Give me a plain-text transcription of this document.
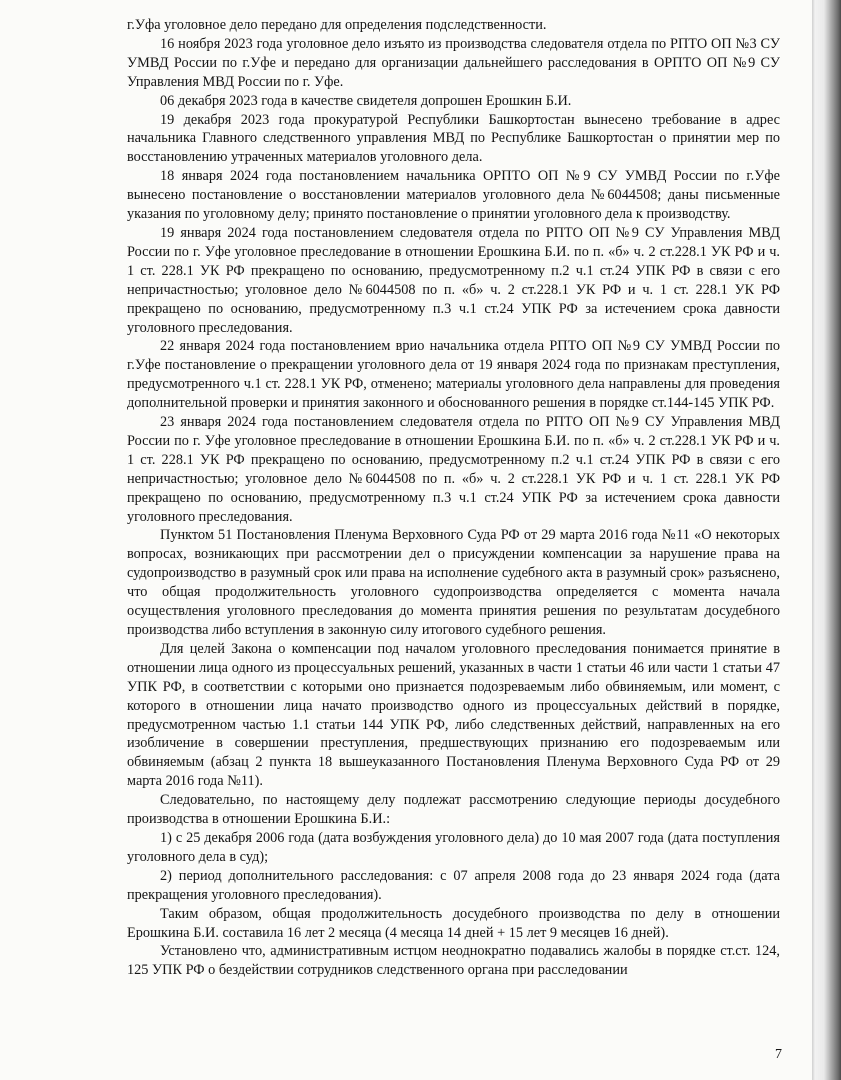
г.Уфа уголовное дело передано для определения подследственности.

16 ноября 2023 года уголовное дело изъято из производства следователя отдела по РПТО ОП №3 СУ УМВД России по г.Уфе и передано для организации дальнейшего расследования в ОРПТО ОП №9 СУ Управления МВД России по г. Уфе.

06 декабря 2023 года в качестве свидетеля допрошен Ерошкин Б.И.

19 декабря 2023 года прокуратурой Республики Башкортостан вынесено требование в адрес начальника Главного следственного управления МВД по Республике Башкортостан о принятии мер по восстановлению утраченных материалов уголовного дела.

18 января 2024 года постановлением начальника ОРПТО ОП №9 СУ УМВД России по г.Уфе вынесено постановление о восстановлении материалов уголовного дела №6044508; даны письменные указания по уголовному делу; принято постановление о принятии уголовного дела к производству.

19 января 2024 года постановлением следователя отдела по РПТО ОП №9 СУ Управления МВД России по г. Уфе уголовное преследование в отношении Ерошкина Б.И. по п. «б» ч. 2 ст.228.1 УК РФ и ч. 1 ст. 228.1 УК РФ прекращено по основанию, предусмотренному п.2 ч.1 ст.24 УПК РФ в связи с его непричастностью; уголовное дело №6044508 по п. «б» ч. 2 ст.228.1 УК РФ и ч. 1 ст. 228.1 УК РФ прекращено по основанию, предусмотренному п.3 ч.1 ст.24 УПК РФ за истечением срока давности уголовного преследования.

22 января 2024 года постановлением врио начальника отдела РПТО ОП №9 СУ УМВД России по г.Уфе постановление о прекращении уголовного дела от 19 января 2024 года по признакам преступления, предусмотренного ч.1 ст. 228.1 УК РФ, отменено; материалы уголовного дела направлены для проведения дополнительной проверки и принятия законного и обоснованного решения в порядке ст.144-145 УПК РФ.

23 января 2024 года постановлением следователя отдела по РПТО ОП №9 СУ Управления МВД России по г. Уфе уголовное преследование в отношении Ерошкина Б.И. по п. «б» ч. 2 ст.228.1 УК РФ и ч. 1 ст. 228.1 УК РФ прекращено по основанию, предусмотренному п.2 ч.1 ст.24 УПК РФ в связи с его непричастностью; уголовное дело №6044508 по п. «б» ч. 2 ст.228.1 УК РФ и ч. 1 ст. 228.1 УК РФ прекращено по основанию, предусмотренному п.3 ч.1 ст.24 УПК РФ за истечением срока давности уголовного преследования.

Пунктом 51 Постановления Пленума Верховного Суда РФ от 29 марта 2016 года №11 «О некоторых вопросах, возникающих при рассмотрении дел о присуждении компенсации за нарушение права на судопроизводство в разумный срок или права на исполнение судебного акта в разумный срок» разъяснено, что общая продолжительность уголовного судопроизводства определяется с момента начала осуществления уголовного преследования до момента принятия решения по результатам досудебного производства либо вступления в законную силу итогового судебного решения.

Для целей Закона о компенсации под началом уголовного преследования понимается принятие в отношении лица одного из процессуальных решений, указанных в части 1 статьи 46 или части 1 статьи 47 УПК РФ, в соответствии с которыми оно признается подозреваемым либо обвиняемым, или момент, с которого в отношении лица начато производство одного из процессуальных действий в порядке, предусмотренном частью 1.1 статьи 144 УПК РФ, либо следственных действий, направленных на его изобличение в совершении преступления, предшествующих признанию его подозреваемым или обвиняемым (абзац 2 пункта 18 вышеуказанного Постановления Пленума Верховного Суда РФ от 29 марта 2016 года №11).

Следовательно, по настоящему делу подлежат рассмотрению следующие периоды досудебного производства в отношении Ерошкина Б.И.:

1) с 25 декабря 2006 года (дата возбуждения уголовного дела) до 10 мая 2007 года (дата поступления уголовного дела в суд);

2) период дополнительного расследования: с 07 апреля 2008 года до 23 января 2024 года (дата прекращения уголовного преследования).

Таким образом, общая продолжительность досудебного производства по делу в отношении Ерошкина Б.И. составила 16 лет 2 месяца (4 месяца 14 дней + 15 лет 9 месяцев 16 дней).

Установлено что, административным истцом неоднократно подавались жалобы в порядке ст.ст. 124, 125 УПК РФ о бездействии сотрудников следственного органа при расследовании

7
